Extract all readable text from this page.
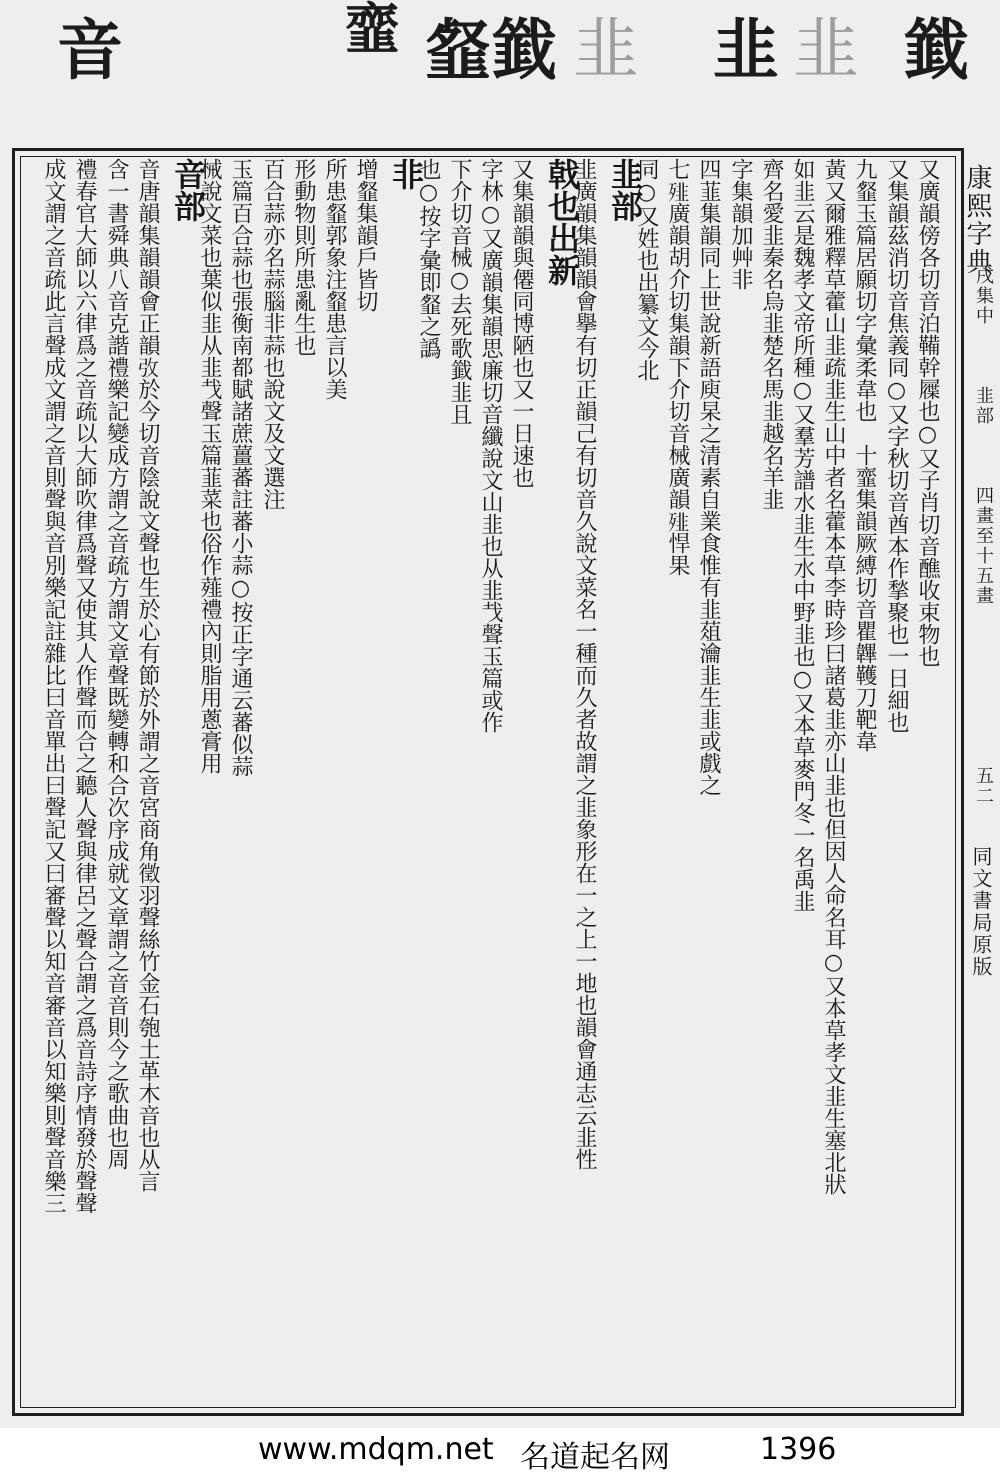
韱
韭
韭
韭
韱
韰
韲
音
康熙字典
戌集中
韭部
四畫至十五畫
五二
同文書局原版
又廣韻傍各切音泊鞴幹屧也○又子肖切音醮收束物也
又集韻茲消切音焦義同○又字秋切音酋本作揫聚也一日細也
九韰玉篇居願切字彙柔韋也　十韲集韻厥縛切音瞿韠韄刀靶韋
黃又爾雅釋草藿山韭疏韭生山中者名藿本草李時珍曰諸葛韭亦山韭也但因人命名耳○又本草孝文韭生塞北狀
如韭云是魏孝文帝所種○又羣芳譜水韭生水中野韭也○又本草麥門冬一名禹韭
齊名愛韭秦名烏韭楚名馬韭越名羊韭
字集韻加艸非
四韮集韻同上世說新語庾杲之清素自業食惟有韭葅瀹韭生韭或戲之
七𩐁廣韻胡介切集韻下介切音械廣韻𩐁悍果
同○又姓也出纂文今北
韭部
韭廣韻集韻韻會擧有切正韻己有切音久說文菜名一種而久者故謂之韭象形在一之上一地也韻會通志云韭性
戟也出新
又集韻韻與僊同博陋也又一日速也
字林○又廣韻集韻思廉切音纖說文山韭也从韭𢦏聲玉篇或作
下介切音械○去死歌韱韭且
也○按字彙即韰之譌
非
增韰集韻戶皆切
所患韰郭象注韰患言以美
形動物則所患亂生也
百合蒜亦名蒜腦非蒜也說文及文選注
玉篇百合蒜也張衡南都賦諸蔗薑蕃註蕃小蒜○按正字通云蕃似蒜
械說文菜也葉似韭从韭𢦏聲玉篇韮菜也俗作薤禮內則脂用蔥膏用
音部
音唐韻集韻韻會正韻𢎿於今切音陰說文聲也生於心有節於外謂之音宮商角徵羽聲絲竹金石匏土革木音也从言
含一書舜典八音克諧禮樂記變成方謂之音疏方謂文章聲既變轉和合次序成就文章謂之音音則今之歌曲也周
禮春官大師以六律爲之音疏以大師吹律爲聲又使其人作聲而合之聽人聲與律呂之聲合謂之爲音詩序情發於聲聲
成文謂之音疏此言聲成文謂之音則聲與音別樂記註雜比曰音單出曰聲記又曰審聲以知音審音以知樂則聲音樂三
www.mdqm.net 名道起名网	1396
